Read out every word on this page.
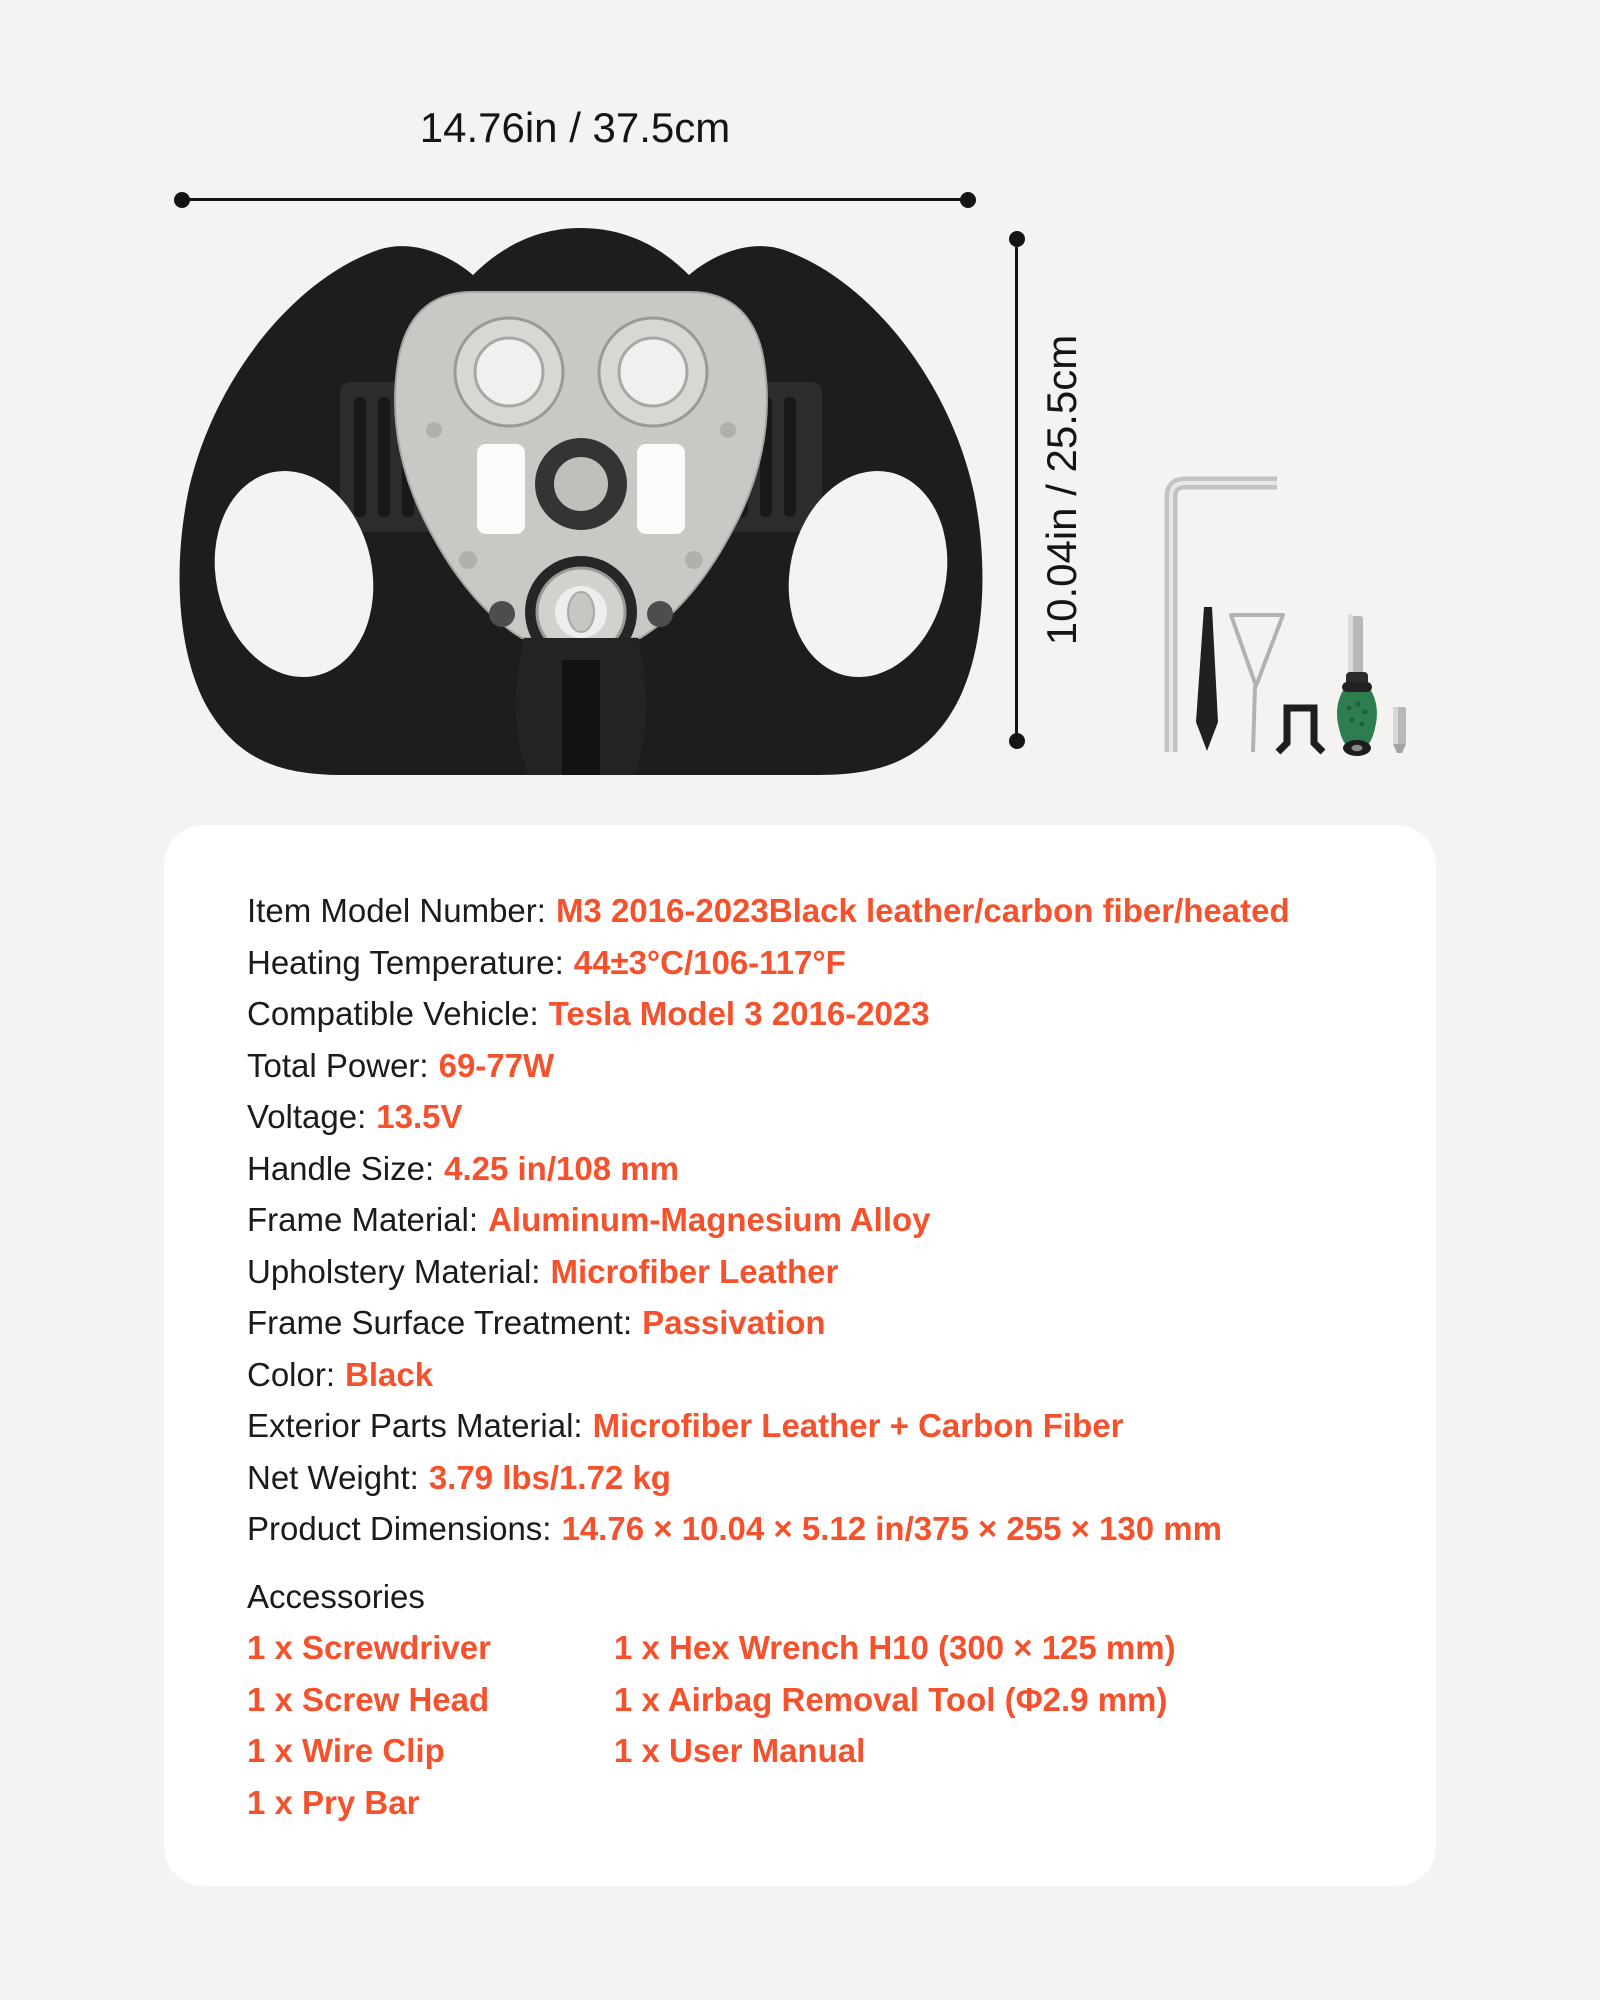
14.76in / 37.5cm
10.04in / 25.5cm
Item Model Number: M3 2016-2023Black leather/carbon fiber/heated
Heating Temperature: 44±3°C/106-117°F
Compatible Vehicle: Tesla Model 3 2016-2023
Total Power: 69-77W
Voltage: 13.5V
Handle Size: 4.25 in/108 mm
Frame Material: Aluminum-Magnesium Alloy
Upholstery Material: Microfiber Leather
Frame Surface Treatment: Passivation
Color: Black
Exterior Parts Material: Microfiber Leather + Carbon Fiber
Net Weight: 3.79 lbs/1.72 kg
Product Dimensions: 14.76 × 10.04 × 5.12 in/375 × 255 × 130 mm
Accessories
1 x Screwdriver
1 x Screw Head
1 x Wire Clip
1 x Pry Bar
1 x Hex Wrench H10 (300 × 125 mm)
1 x Airbag Removal Tool (Φ2.9 mm)
1 x User Manual
